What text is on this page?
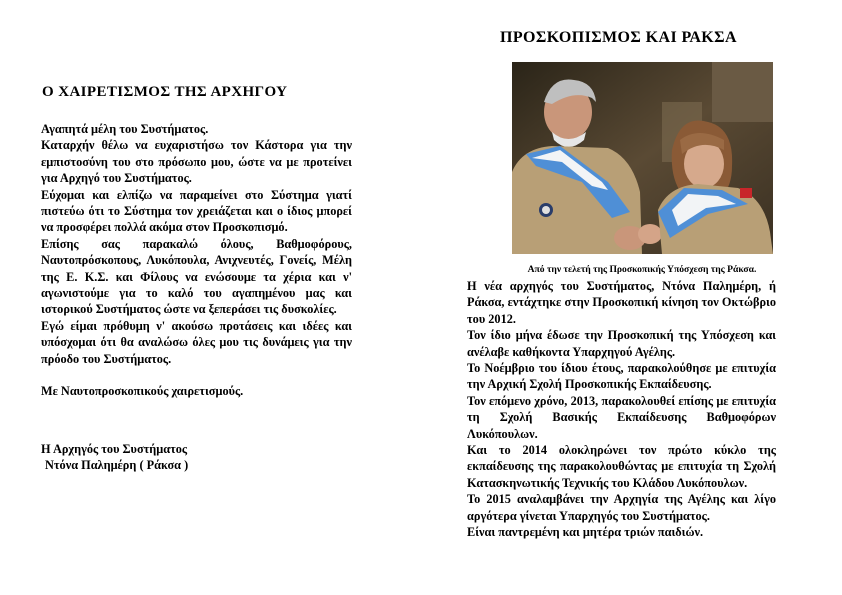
Ο ΧΑΙΡΕΤΙΣΜΟΣ ΤΗΣ ΑΡΧΗΓΟΥ

Αγαπητά μέλη του Συστήματος.

Καταρχήν θέλω να ευχαριστήσω τον Κάστορα για την εμπιστοσύνη του στο πρόσωπο μου, ώστε να με προτείνει για Αρχηγό του Συστήματος.

Εύχομαι και ελπίζω να παραμείνει στο Σύστημα γιατί πιστεύω ότι το Σύστημα τον χρειάζεται και ο ίδιος μπορεί να προσφέρει πολλά ακόμα στον Προσκοπισμό.

Επίσης σας παρακαλώ όλους, Βαθμοφόρους, Ναυτοπρόσκοπους, Λυκόπουλα, Ανιχνευτές, Γονείς, Μέλη της Ε. Κ.Σ. και Φίλους να ενώσουμε τα χέρια και ν' αγωνιστούμε για το καλό του αγαπημένου μας και ιστορικού Συστήματος ώστε να ξεπεράσει τις δυσκολίες.

Εγώ είμαι πρόθυμη ν' ακούσω προτάσεις και ιδέες και υπόσχομαι ότι θα αναλώσω όλες μου τις δυνάμεις για την πρόοδο του Συστήματος.

Με Ναυτοπροσκοπικούς χαιρετισμούς.

Η Αρχηγός του Συστήματος
Ντόνα Παλημέρη ( Ράκσα )
ΠΡΟΣΚΟΠΙΣΜΟΣ ΚΑΙ ΡΑΚΣΑ
Από την τελετή της Προσκοπικής Υπόσχεση της Ράκσα.

Η νέα αρχηγός του Συστήματος, Ντόνα Παλημέρη, ή Ράκσα, εντάχτηκε στην Προσκοπική κίνηση τον Οκτώβριο του 2012.

Τον ίδιο μήνα έδωσε την Προσκοπική της Υπόσχεση και ανέλαβε καθήκοντα Υπαρχηγού Αγέλης.

Το Νοέμβριο του ίδιου έτους, παρακολούθησε με επιτυχία την Αρχική Σχολή Προσκοπικής Εκπαίδευσης.

Τον επόμενο χρόνο, 2013, παρακολουθεί επίσης με επιτυχία τη Σχολή Βασικής Εκπαίδευσης Βαθμοφόρων Λυκόπουλων.

Και το 2014 ολοκληρώνει τον πρώτο κύκλο της εκπαίδευσης της παρακολουθώντας με επιτυχία τη Σχολή Κατασκηνωτικής Τεχνικής του Κλάδου Λυκόπουλων.

Το 2015 αναλαμβάνει την Αρχηγία της Αγέλης και λίγο αργότερα γίνεται Υπαρχηγός του Συστήματος.

Είναι παντρεμένη και μητέρα τριών παιδιών.
